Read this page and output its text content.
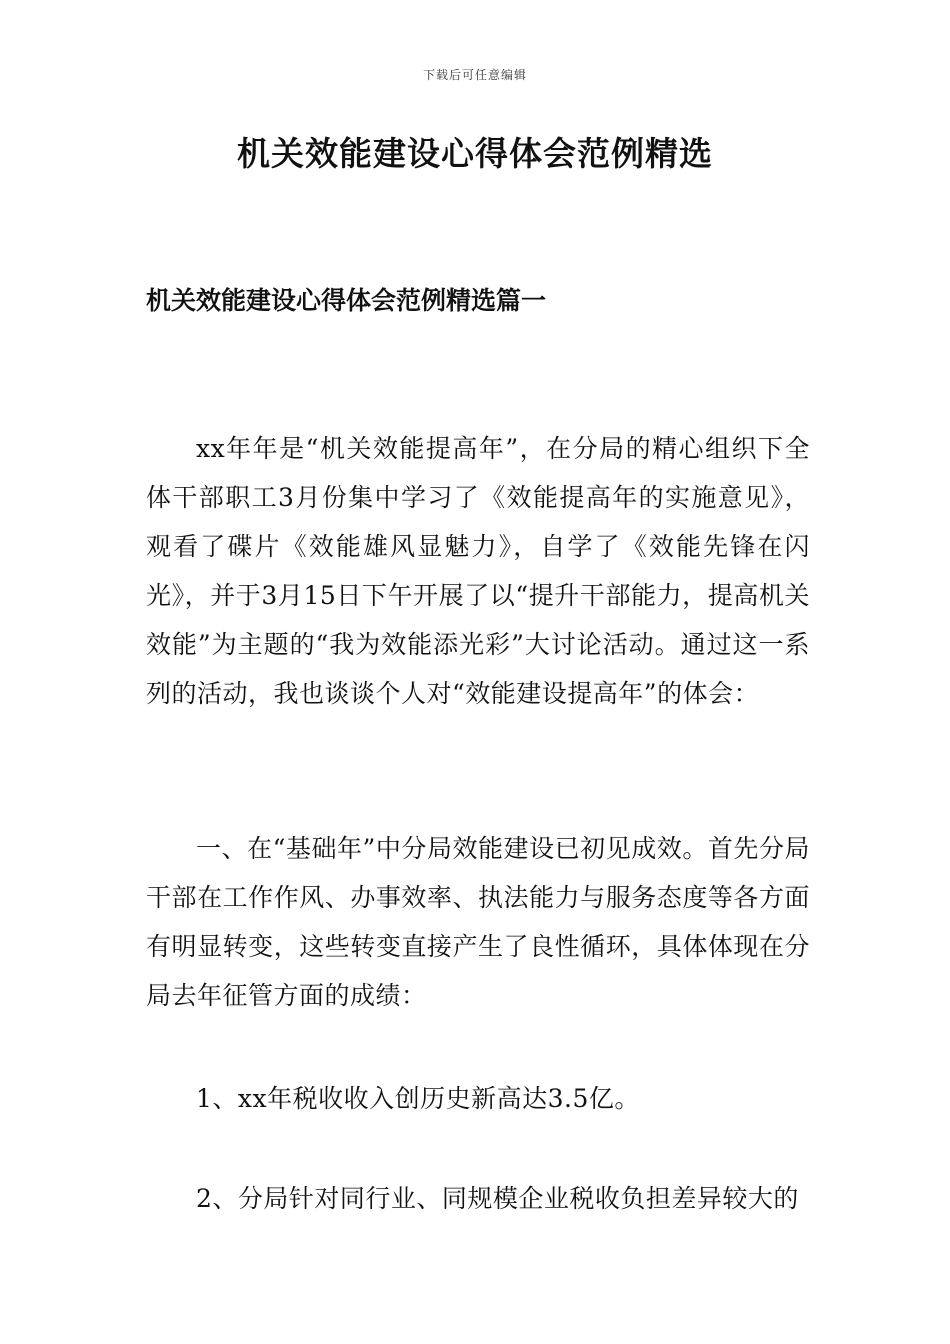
下载后可任意编辑
机关效能建设心得体会范例精选
机关效能建设心得体会范例精选篇一

xx年年是“机关效能提高年”，在分局的精心组织下全体干部职工3月份集中学习了《效能提高年的实施意见》，观看了碟片《效能雄风显魅力》，自学了《效能先锋在闪光》，并于3月15日下午开展了以“提升干部能力，提高机关效能”为主题的“我为效能添光彩”大讨论活动。通过这一系列的活动，我也谈谈个人对“效能建设提高年”的体会：

一、在“基础年”中分局效能建设已初见成效。首先分局干部在工作作风、办事效率、执法能力与服务态度等各方面有明显转变，这些转变直接产生了良性循环，具体体现在分局去年征管方面的成绩：

1、xx年税收收入创历史新高达3.5亿。

2、分局针对同行业、同规模企业税收负担差异较大的
